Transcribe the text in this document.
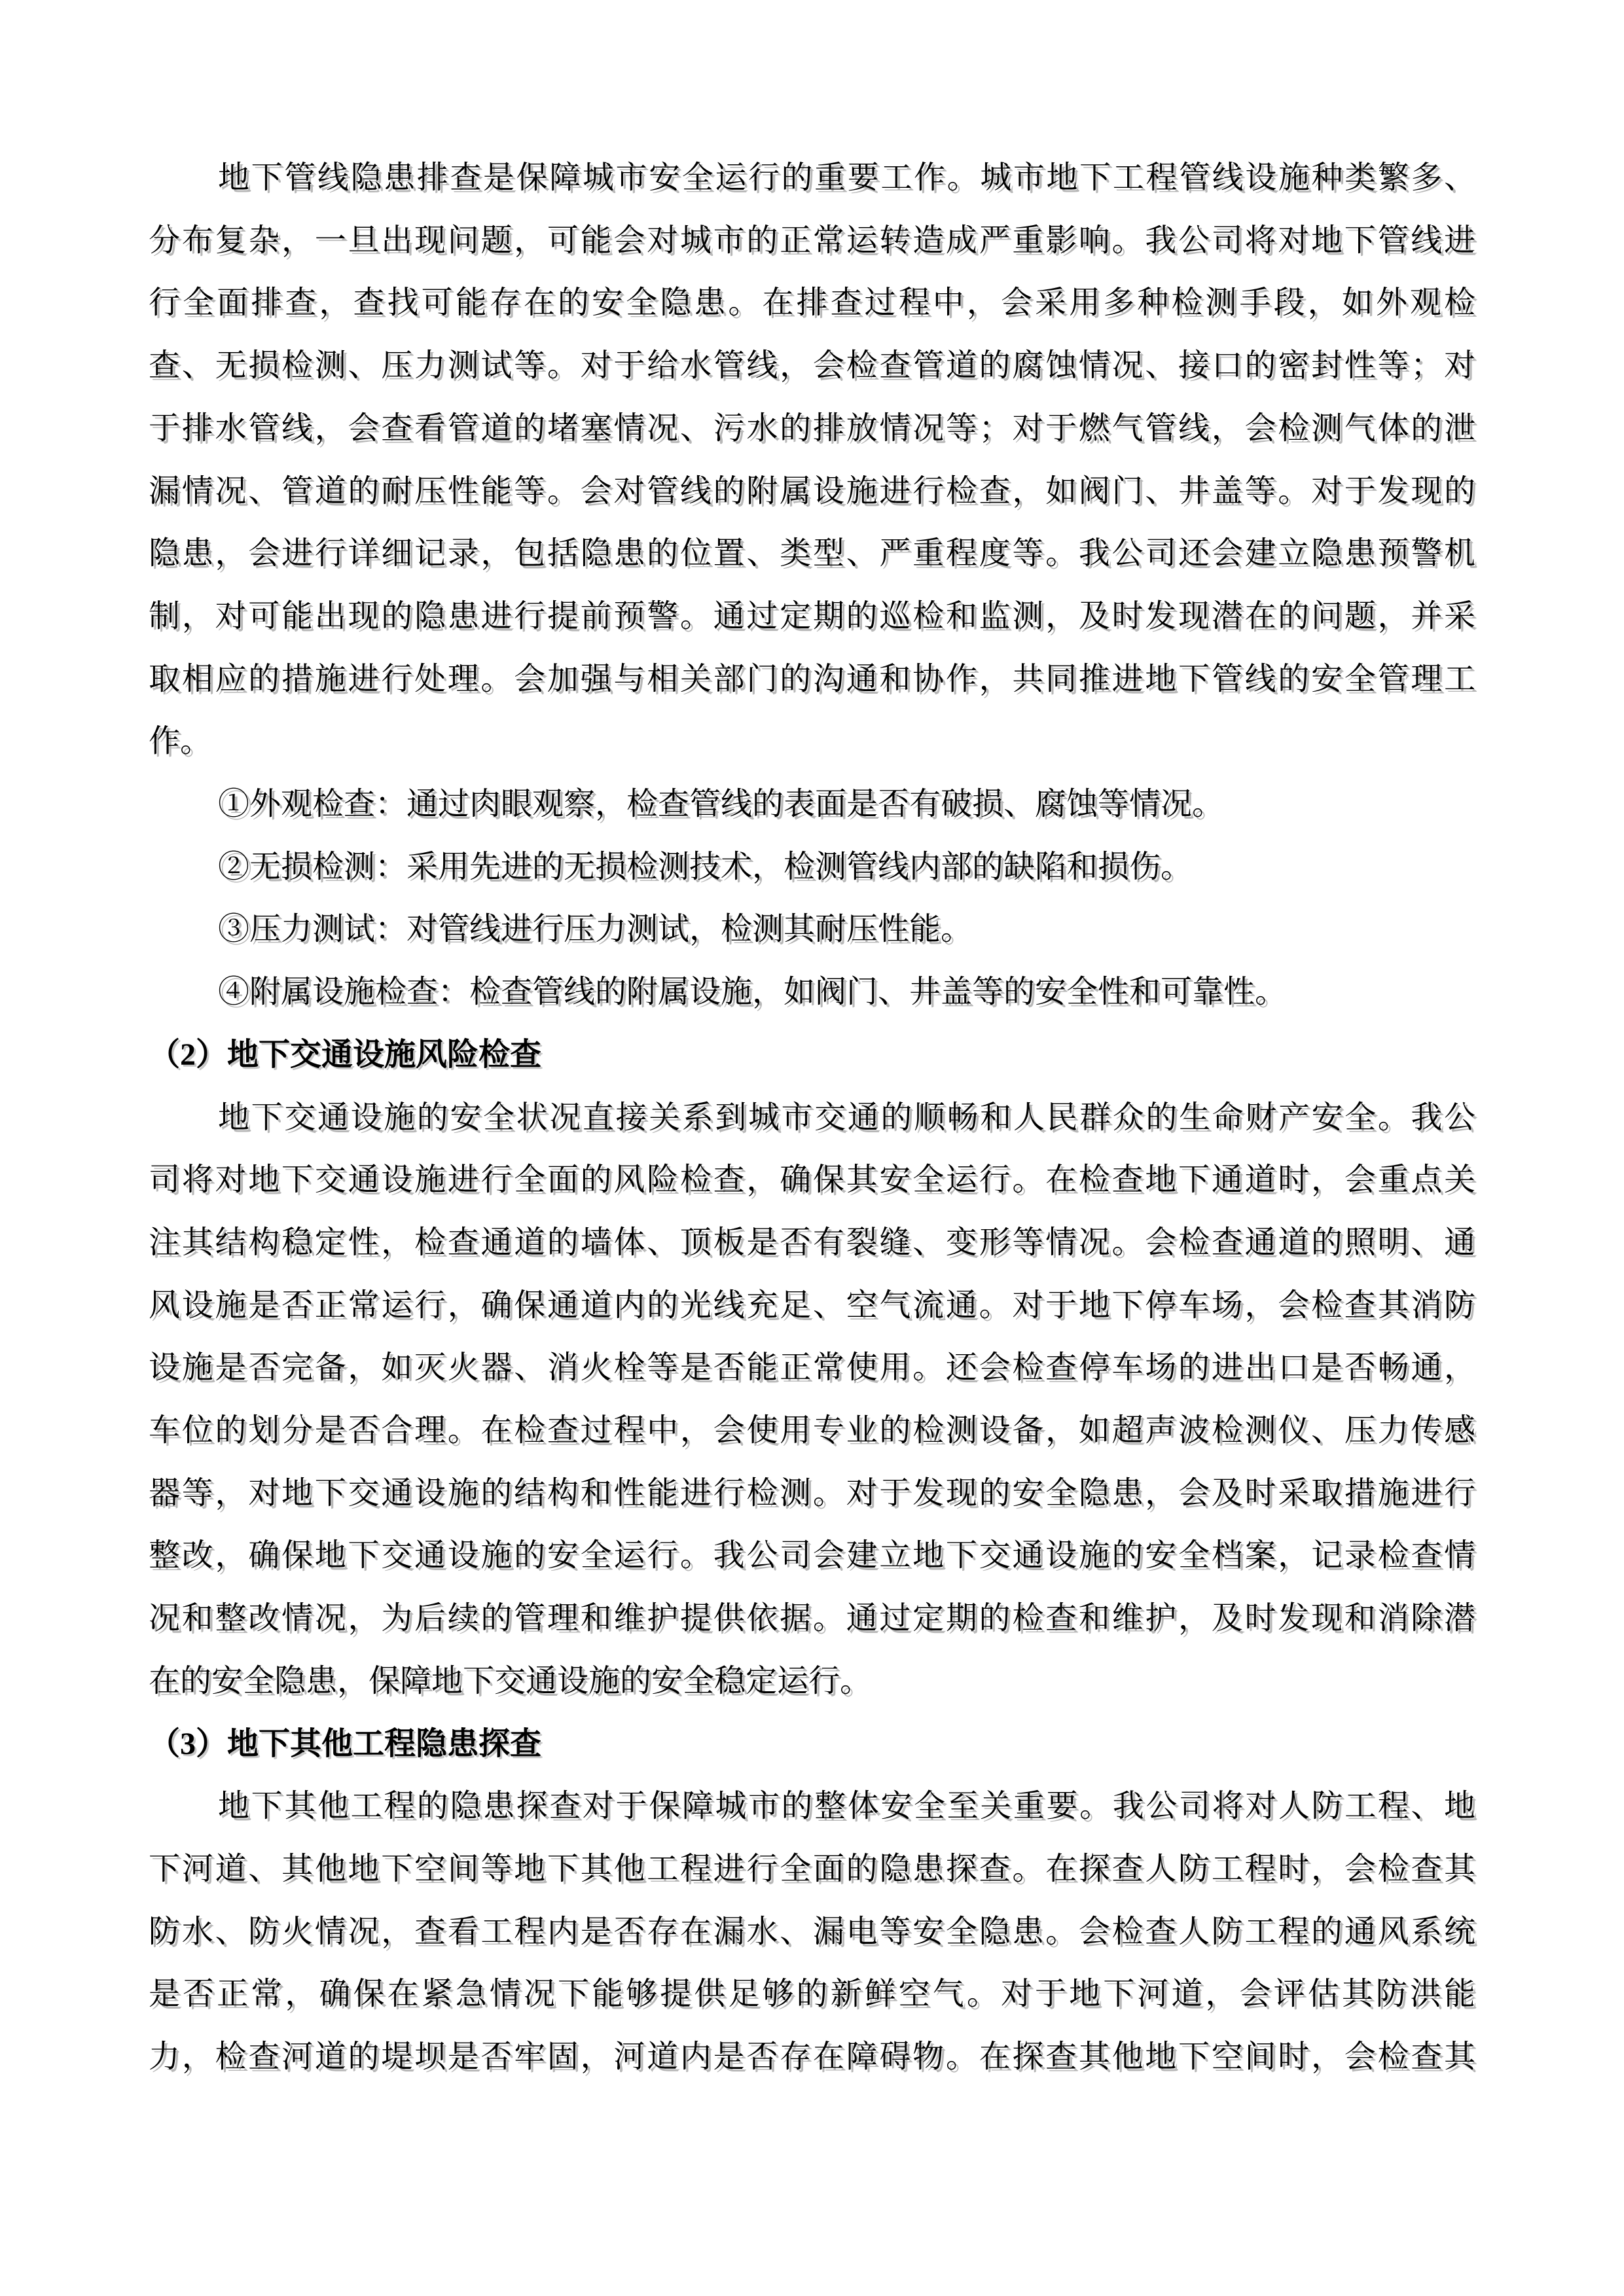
地下管线隐患排查是保障城市安全运行的重要工作。城市地下工程管线设施种类繁多、
分布复杂，一旦出现问题，可能会对城市的正常运转造成严重影响。我公司将对地下管线进
行全面排查，查找可能存在的安全隐患。在排查过程中，会采用多种检测手段，如外观检
查、无损检测、压力测试等。对于给水管线，会检查管道的腐蚀情况、接口的密封性等；对
于排水管线，会查看管道的堵塞情况、污水的排放情况等；对于燃气管线，会检测气体的泄
漏情况、管道的耐压性能等。会对管线的附属设施进行检查，如阀门、井盖等。对于发现的
隐患，会进行详细记录，包括隐患的位置、类型、严重程度等。我公司还会建立隐患预警机
制，对可能出现的隐患进行提前预警。通过定期的巡检和监测，及时发现潜在的问题，并采
取相应的措施进行处理。会加强与相关部门的沟通和协作，共同推进地下管线的安全管理工
作。
①外观检查：通过肉眼观察，检查管线的表面是否有破损、腐蚀等情况。
②无损检测：采用先进的无损检测技术，检测管线内部的缺陷和损伤。
③压力测试：对管线进行压力测试，检测其耐压性能。
④附属设施检查：检查管线的附属设施，如阀门、井盖等的安全性和可靠性。
（2）地下交通设施风险检查
地下交通设施的安全状况直接关系到城市交通的顺畅和人民群众的生命财产安全。我公
司将对地下交通设施进行全面的风险检查，确保其安全运行。在检查地下通道时，会重点关
注其结构稳定性，检查通道的墙体、顶板是否有裂缝、变形等情况。会检查通道的照明、通
风设施是否正常运行，确保通道内的光线充足、空气流通。对于地下停车场，会检查其消防
设施是否完备，如灭火器、消火栓等是否能正常使用。还会检查停车场的进出口是否畅通，
车位的划分是否合理。在检查过程中，会使用专业的检测设备，如超声波检测仪、压力传感
器等，对地下交通设施的结构和性能进行检测。对于发现的安全隐患，会及时采取措施进行
整改，确保地下交通设施的安全运行。我公司会建立地下交通设施的安全档案，记录检查情
况和整改情况，为后续的管理和维护提供依据。通过定期的检查和维护，及时发现和消除潜
在的安全隐患，保障地下交通设施的安全稳定运行。
（3）地下其他工程隐患探查
地下其他工程的隐患探查对于保障城市的整体安全至关重要。我公司将对人防工程、地
下河道、其他地下空间等地下其他工程进行全面的隐患探查。在探查人防工程时，会检查其
防水、防火情况，查看工程内是否存在漏水、漏电等安全隐患。会检查人防工程的通风系统
是否正常，确保在紧急情况下能够提供足够的新鲜空气。对于地下河道，会评估其防洪能
力，检查河道的堤坝是否牢固，河道内是否存在障碍物。在探查其他地下空间时，会检查其
